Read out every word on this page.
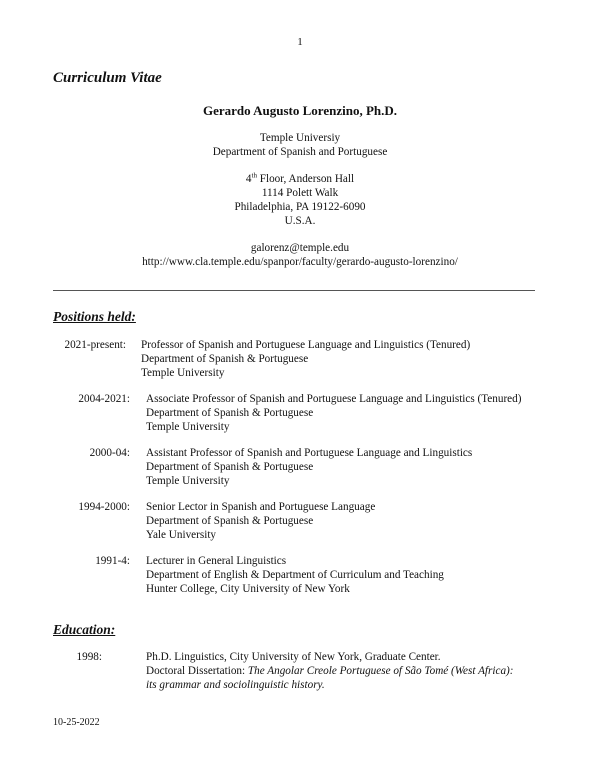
1
Curriculum Vitae
Gerardo Augusto Lorenzino, Ph.D.
Temple Universiy
Department of Spanish and Portuguese
4th Floor, Anderson Hall
1114 Polett Walk
Philadelphia, PA 19122-6090
U.S.A.
galorenz@temple.edu
http://www.cla.temple.edu/spanpor/faculty/gerardo-augusto-lorenzino/
Positions held:
2021-present: Professor of Spanish and Portuguese Language and Linguistics (Tenured)
Department of Spanish & Portuguese
Temple University
2004-2021: Associate Professor of Spanish and Portuguese Language and Linguistics (Tenured)
Department of Spanish & Portuguese
Temple University
2000-04: Assistant Professor of Spanish and Portuguese Language and Linguistics
Department of Spanish & Portuguese
Temple University
1994-2000: Senior Lector in Spanish and Portuguese Language
Department of Spanish & Portuguese
Yale University
1991-4: Lecturer in General Linguistics
Department of English & Department of Curriculum and Teaching
Hunter College, City University of New York
Education:
1998:	Ph.D. Linguistics, City University of New York, Graduate Center.
Doctoral Dissertation: The Angolar Creole Portuguese of São Tomé (West Africa):
its grammar and sociolinguistic history.
10-25-2022
